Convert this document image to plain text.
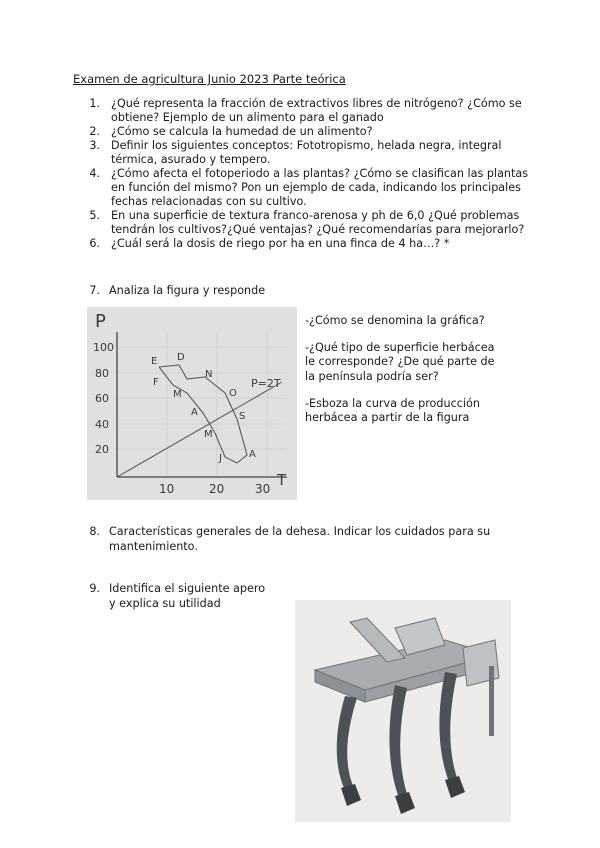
Examen de agricultura Junio 2023 Parte teórica
1. ¿Qué representa la fracción de extractivos libres de nitrógeno? ¿Cómo se obtiene? Ejemplo de un alimento para el ganado
2. ¿Cómo se calcula la humedad de un alimento?
3. Definir los siguientes conceptos: Fototropismo, helada negra, integral térmica, asurado y tempero.
4. ¿Cómo afecta el fotoperiodo a las plantas? ¿Cómo se clasifican las plantas en función del mismo? Pon un ejemplo de cada, indicando los principales fechas relacionadas con su cultivo.
5. En una superficie de textura franco-arenosa y ph de 6,0 ¿Qué problemas tendrán los cultivos?¿Qué ventajas? ¿Qué recomendarías para mejorarlo?
6. ¿Cuál será la dosis de riego por ha en una finca de 4 ha…? *
7. Analiza la figura y responde
P
T
100
80
60
40
20
10	20	30
P=2T
E D
F
N
M	O
A	S
M
J	A

-¿Cómo se denomina la gráfica?

-¿Qué tipo de superficie herbácea le corresponde? ¿De qué parte de la península podría ser?

-Esboza la curva de producción herbácea a partir de la figura

8. Características generales de la dehesa. Indicar los cuidados para su mantenimiento.
9. Identifica el siguiente apero y explica su utilidad
